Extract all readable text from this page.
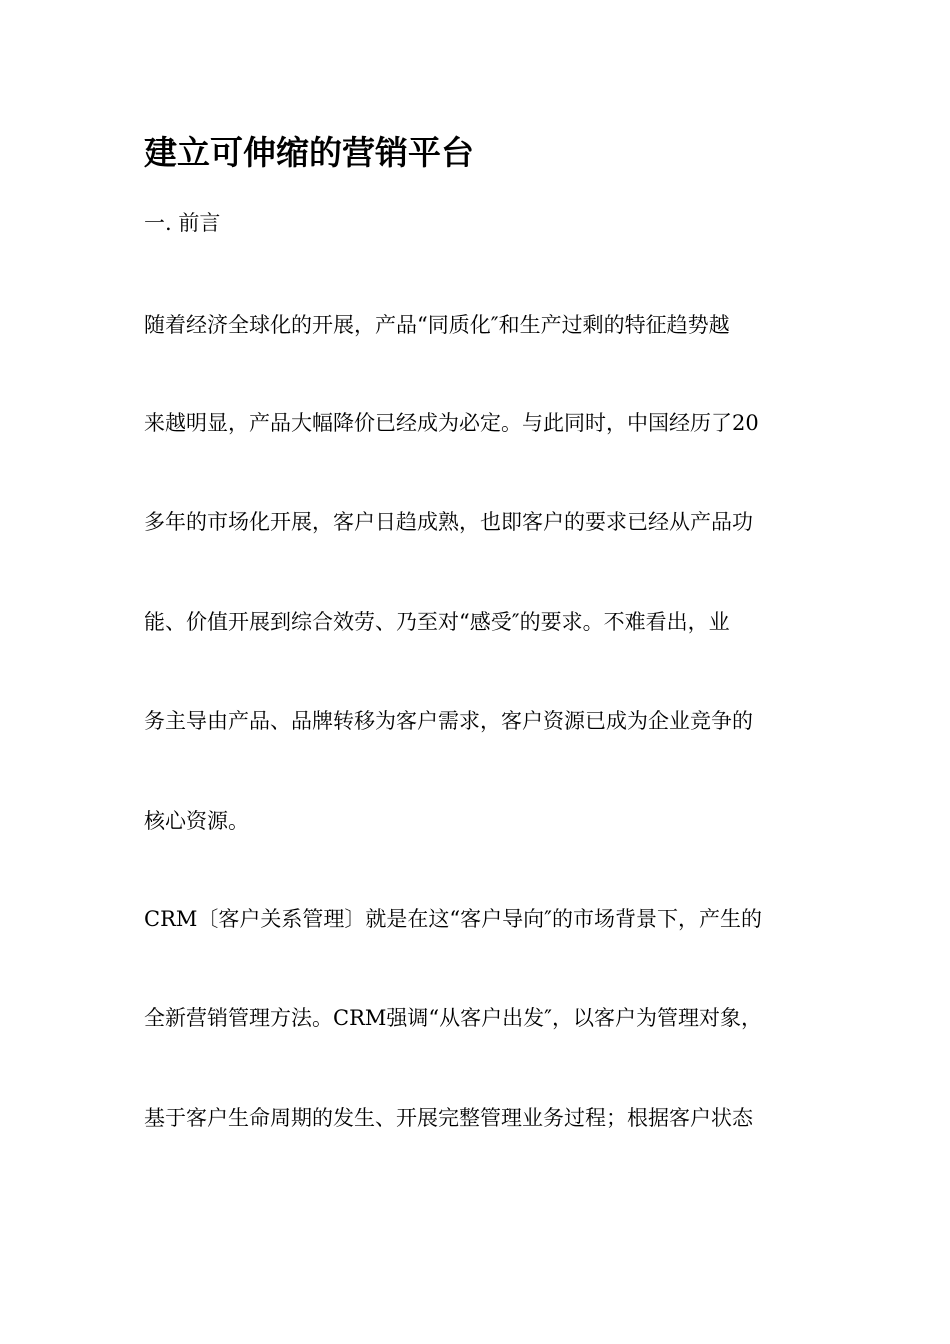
建立可伸缩的营销平台

一. 前言

随着经济全球化的开展，产品“同质化″和生产过剩的特征趋势越

来越明显，产品大幅降价已经成为必定。与此同时，中国经历了20

多年的市场化开展，客户日趋成熟，也即客户的要求已经从产品功

能、价值开展到综合效劳、乃至对“感受″的要求。不难看出，业

务主导由产品、品牌转移为客户需求，客户资源已成为企业竞争的

核心资源。

CRM〔客户关系管理〕就是在这“客户导向″的市场背景下，产生的

全新营销管理方法。CRM强调“从客户出发″，以客户为管理对象，

基于客户生命周期的发生、开展完整管理业务过程；根据客户状态
